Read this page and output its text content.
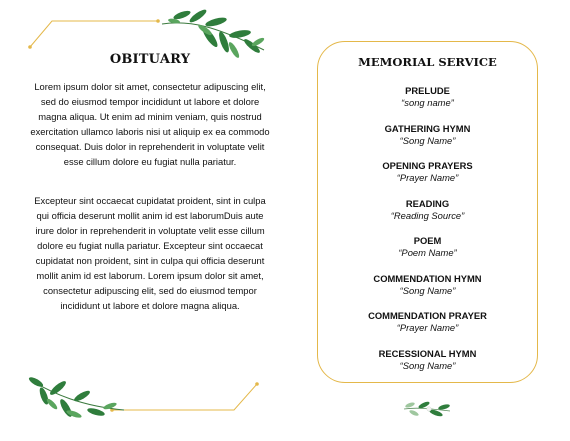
OBITUARY

Lorem ipsum dolor sit amet, consectetur adipuscing elit, sed do eiusmod tempor incididunt ut labore et dolore magna aliqua. Ut enim ad minim veniam, quis nostrud exercitation ullamco laboris nisi ut aliquip ex ea commodo consequat. Duis dolor in reprehenderit in voluptate velit esse cillum dolore eu fugiat nulla pariatur.

Excepteur sint occaecat cupidatat proident, sint in culpa qui officia deserunt mollit anim id est laborumDuis aute irure dolor in reprehenderit in voluptate velit esse cillum dolore eu fugiat nulla pariatur. Excepteur sint occaecat cupidatat non proident, sint in culpa qui officia deserunt mollit anim id est laborum. Lorem ipsum dolor sit amet, consectetur adipuscing elit, sed do eiusmod tempor incididunt ut labore et dolore magna aliqua.

MEMORIAL SERVICE
PRELUDE
“song name”
GATHERING HYMN
“Song Name”
OPENING PRAYERS
“Prayer Name”
READING
“Reading Source”
POEM
“Poem Name”
COMMENDATION HYMN
“Song Name”
COMMENDATION PRAYER
“Prayer Name”
RECESSIONAL HYMN
“Song Name”
